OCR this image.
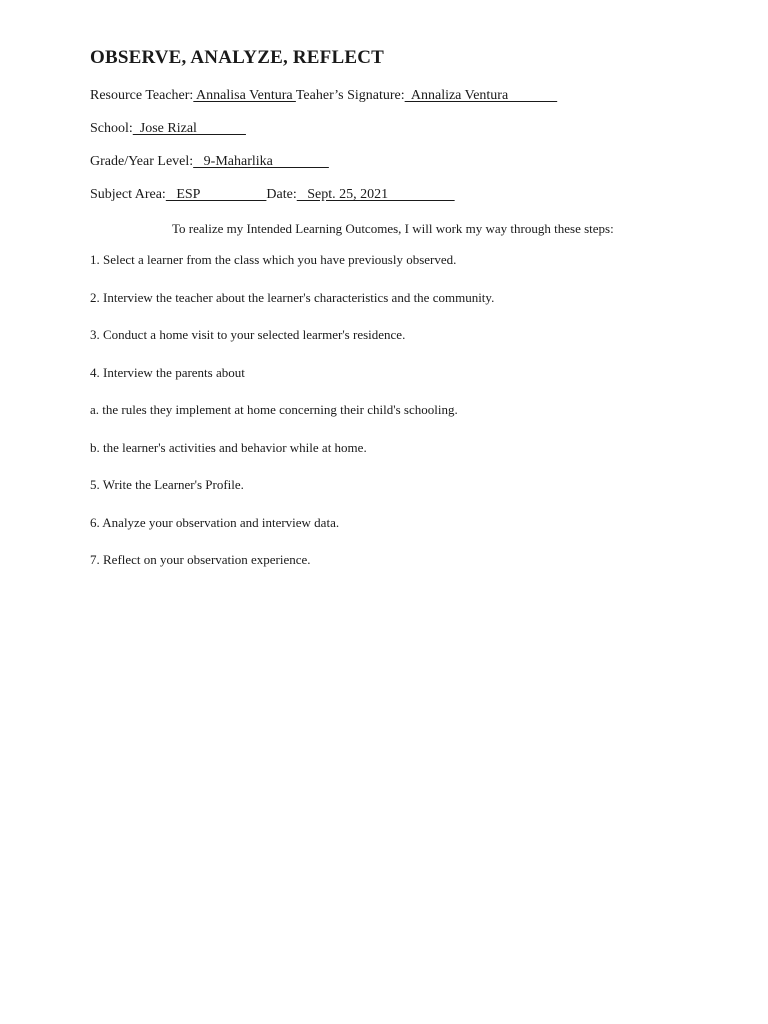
OBSERVE, ANALYZE, REFLECT
Resource Teacher: Annalisa Ventura Teaher’s Signature:  Annaliza Ventura
School:  Jose Rizal
Grade/Year Level:   9-Maharlika
Subject Area:   ESP                   Date:   Sept. 25, 2021
To realize my Intended Learning Outcomes, I will work my way through these steps:
1. Select a learner from the class which you have previously observed.
2. Interview the teacher about the learner's characteristics and the community.
3. Conduct a home visit to your selected learmer's residence.
4. Interview the parents about
a. the rules they implement at home concerning their child's schooling.
b. the learner's activities and behavior while at home.
5. Write the Learner's Profile.
6. Analyze your observation and interview data.
7. Reflect on your observation experience.
